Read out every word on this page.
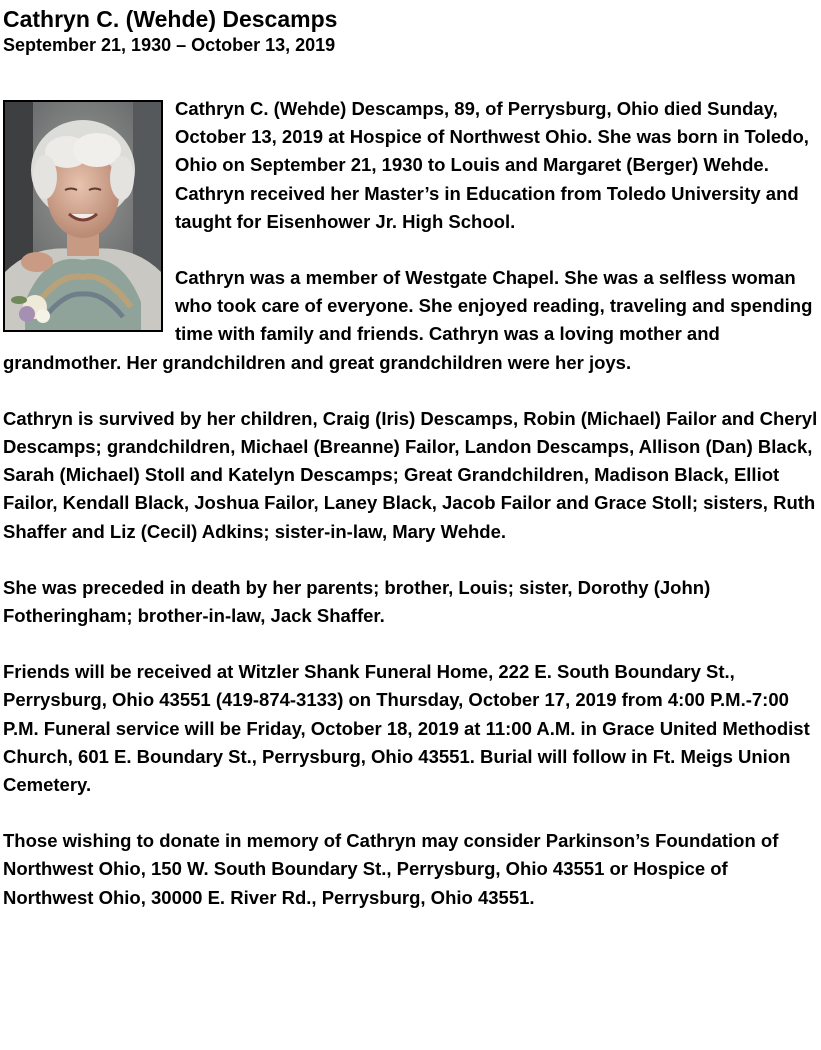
Cathryn C. (Wehde) Descamps
September 21, 1930 – October 13, 2019

Cathryn C. (Wehde) Descamps, 89, of Perrysburg, Ohio died Sunday, October 13, 2019 at Hospice of Northwest Ohio. She was born in Toledo, Ohio on September 21, 1930 to Louis and Margaret (Berger) Wehde. Cathryn received her Master’s in Education from Toledo University and taught for Eisenhower Jr. High School.

Cathryn was a member of Westgate Chapel. She was a selfless woman who took care of everyone. She enjoyed reading, traveling and spending time with family and friends. Cathryn was a loving mother and grandmother. Her grandchildren and great grandchildren were her joys.

Cathryn is survived by her children, Craig (Iris) Descamps, Robin (Michael) Failor and Cheryl Descamps; grandchildren, Michael (Breanne) Failor, Landon Descamps, Allison (Dan) Black, Sarah (Michael) Stoll and Katelyn Descamps; Great Grandchildren, Madison Black, Elliot Failor, Kendall Black, Joshua Failor, Laney Black, Jacob Failor and Grace Stoll; sisters, Ruth Shaffer and Liz (Cecil) Adkins; sister-in-law, Mary Wehde.

She was preceded in death by her parents; brother, Louis; sister, Dorothy (John) Fotheringham; brother-in-law, Jack Shaffer.

Friends will be received at Witzler Shank Funeral Home, 222 E. South Boundary St., Perrysburg, Ohio 43551 (419-874-3133) on Thursday, October 17, 2019 from 4:00 P.M.-7:00 P.M. Funeral service will be Friday, October 18, 2019 at 11:00 A.M. in Grace United Methodist Church, 601 E. Boundary St., Perrysburg, Ohio 43551. Burial will follow in Ft. Meigs Union Cemetery.

Those wishing to donate in memory of Cathryn may consider Parkinson’s Foundation of Northwest Ohio, 150 W. South Boundary St., Perrysburg, Ohio 43551 or Hospice of Northwest Ohio, 30000 E. River Rd., Perrysburg, Ohio 43551.
